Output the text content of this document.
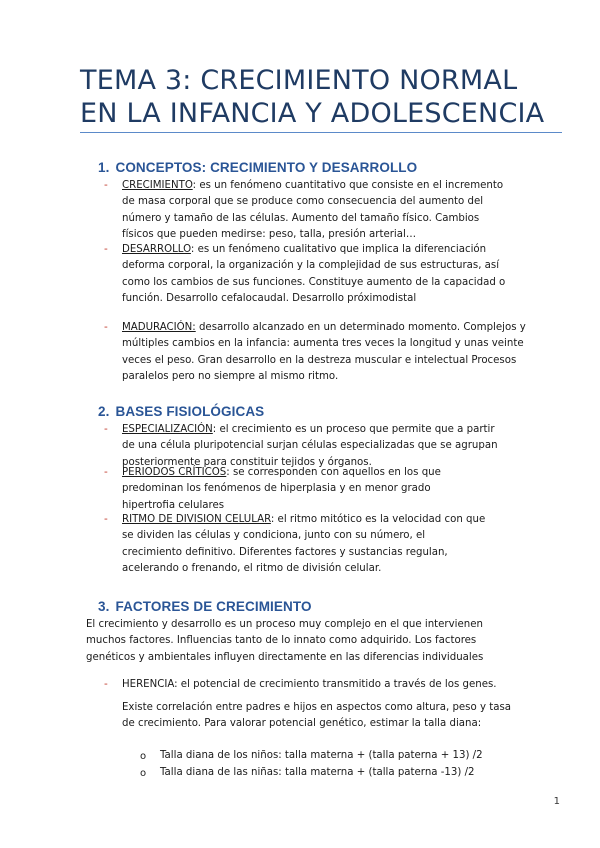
TEMA 3: CRECIMIENTO NORMAL EN LA INFANCIA Y ADOLESCENCIA
1. CONCEPTOS: CRECIMIENTO Y DESARROLLO
-	CRECIMIENTO: es un fenómeno cuantitativo que consiste en el incremento de masa corporal que se produce como consecuencia del aumento del número y tamaño de las células. Aumento del tamaño físico. Cambios físicos que pueden medirse: peso, talla, presión arterial…
-	DESARROLLO: es un fenómeno cualitativo que implica la diferenciación deforma corporal, la organización y la complejidad de sus estructuras, así como los cambios de sus funciones. Constituye aumento de la capacidad o función. Desarrollo cefalocaudal. Desarrollo próximodistal
-	MADURACIÓN: desarrollo alcanzado en un determinado momento. Complejos y múltiples cambios en la infancia: aumenta tres veces la longitud y unas veinte veces el peso. Gran desarrollo en la destreza muscular e intelectual Procesos paralelos pero no siempre al mismo ritmo.
2. BASES FISIOLÓGICAS
-	ESPECIALIZACIÓN: el crecimiento es un proceso que permite que a partir de una célula pluripotencial surjan células especializadas que se agrupan posteriormente para constituir tejidos y órganos.
-	PERIODOS CRÍTICOS: se corresponden con aquellos en los que predominan los fenómenos de hiperplasia y en menor grado hipertrofia celulares
-	RITMO DE DIVISION CELULAR: el ritmo mitótico es la velocidad con que se dividen las células y condiciona, junto con su número, el crecimiento definitivo. Diferentes factores y sustancias regulan, acelerando o frenando, el ritmo de división celular.
3. FACTORES DE CRECIMIENTO
El crecimiento y desarrollo es un proceso muy complejo en el que intervienen muchos factores. Influencias tanto de lo innato como adquirido. Los factores genéticos y ambientales influyen directamente en las diferencias individuales
-	HERENCIA: el potencial de crecimiento transmitido a través de los genes.
Existe correlación entre padres e hijos en aspectos como altura, peso y tasa de crecimiento. Para valorar potencial genético, estimar la talla diana:
o Talla diana de los niños: talla materna + (talla paterna + 13) /2
o Talla diana de las niñas: talla materna + (talla paterna -13) /2
1
